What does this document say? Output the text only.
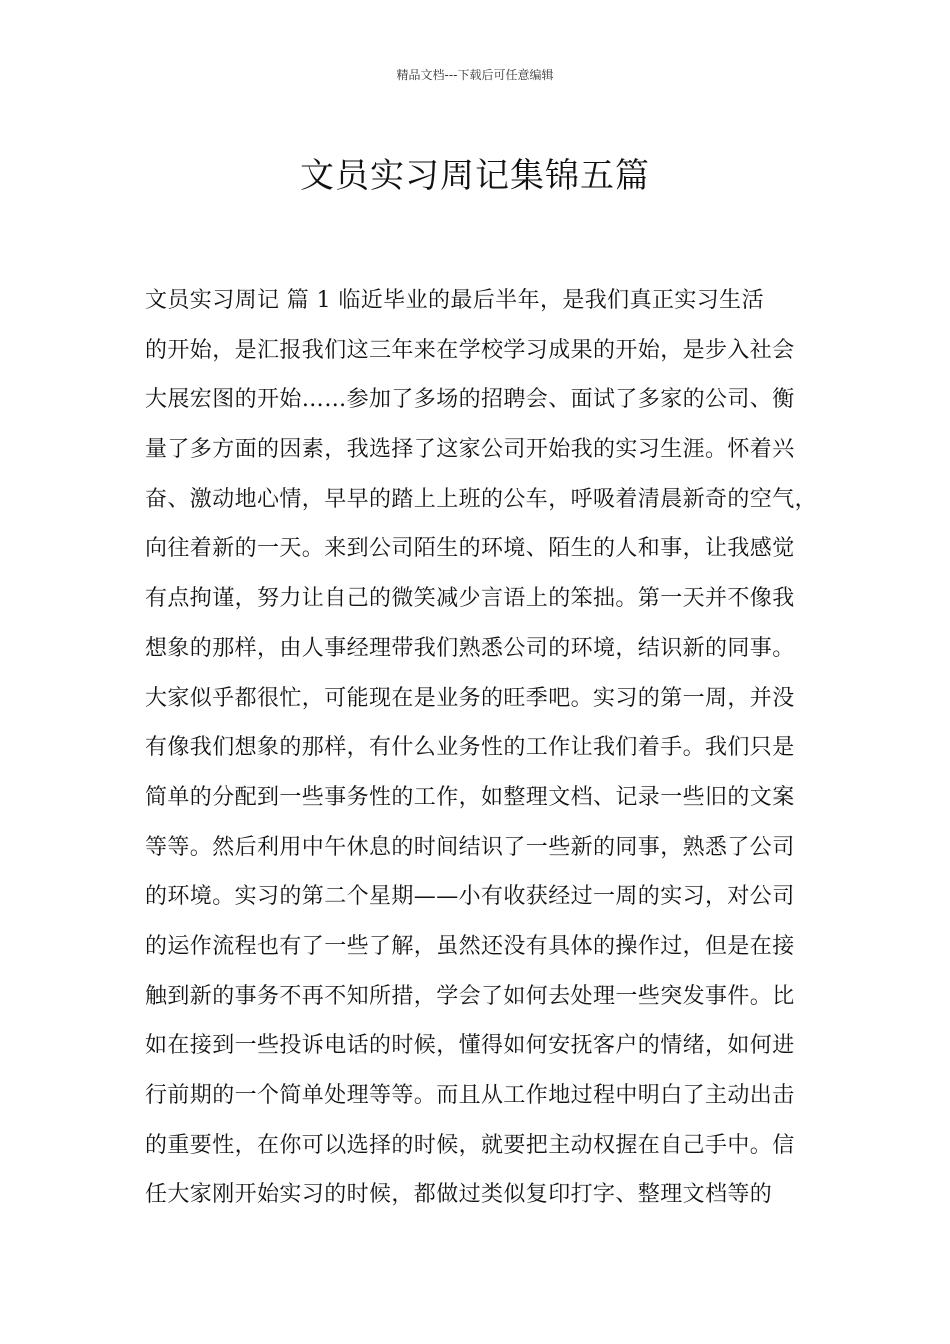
精品文档---下载后可任意编辑
文员实习周记集锦五篇
文员实习周记 篇 1 临近毕业的最后半年，是我们真正实习生活
的开始，是汇报我们这三年来在学校学习成果的开始，是步入社会
大展宏图的开始……参加了多场的招聘会、面试了多家的公司、衡
量了多方面的因素，我选择了这家公司开始我的实习生涯。怀着兴
奋、激动地心情，早早的踏上上班的公车，呼吸着清晨新奇的空气，
向往着新的一天。来到公司陌生的环境、陌生的人和事，让我感觉
有点拘谨，努力让自己的微笑减少言语上的笨拙。第一天并不像我
想象的那样，由人事经理带我们熟悉公司的环境，结识新的同事。
大家似乎都很忙，可能现在是业务的旺季吧。实习的第一周，并没
有像我们想象的那样，有什么业务性的工作让我们着手。我们只是
简单的分配到一些事务性的工作，如整理文档、记录一些旧的文案
等等。然后利用中午休息的时间结识了一些新的同事，熟悉了公司
的环境。实习的第二个星期——小有收获经过一周的实习，对公司
的运作流程也有了一些了解，虽然还没有具体的操作过，但是在接
触到新的事务不再不知所措，学会了如何去处理一些突发事件。比
如在接到一些投诉电话的时候，懂得如何安抚客户的情绪，如何进
行前期的一个简单处理等等。而且从工作地过程中明白了主动出击
的重要性，在你可以选择的时候，就要把主动权握在自己手中。信
任大家刚开始实习的时候，都做过类似复印打字、整理文档等的
